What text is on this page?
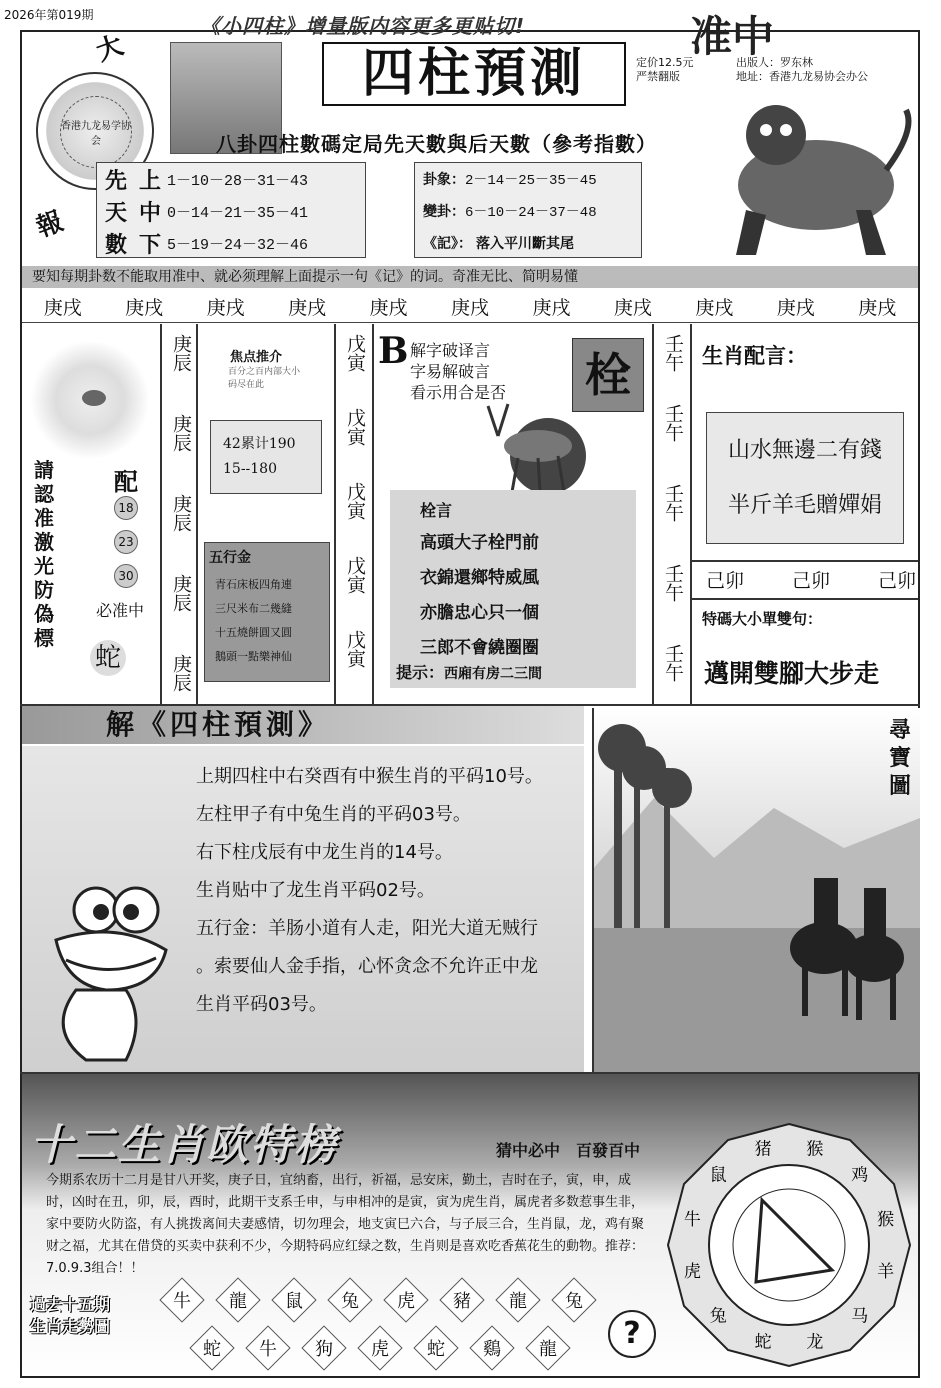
2026年第019期	《小四柱》增量版内容更多更贴切!	准中
四柱預測	定价12.5元
严禁翻版
出版人：罗东林
地址：香港九龙易协会办公
大
報
香港九龙易学协会	八卦四柱數碼定局先天數與后天數（參考指數）
先 上 1－10－28－31－43
天 中 0－14－21－35－41
數 下 5－19－24－32－46
卦象： 2－14－25－35－45
變卦： 6－10－24－37－48
《記》： 落入平川斷其尾
要知每期卦数不能取用准中、就必须理解上面提示一句《记》的词。奇准无比、简明易懂
庚戌 庚戌 庚戌 庚戌 庚戌 庚戌 庚戌 庚戌 庚戌 庚戌 庚戌
請
認
准
激
光
防
偽
標
配
18
23
30
必准中
蛇
庚辰
庚辰
庚辰
庚辰
庚辰
焦点推介
百分之百内部大小码尽在此
42累计190
15--180
五行金
青石床板四角連
三尺米布二幾縫
十五燒餅圓又圓
鵝頭一點樂神仙
戊寅
戊寅
戊寅
戊寅
戊寅
B 解字破译言
字易解破言
看示用合是否 栓
栓言
高頭大子栓門前
衣錦還鄉特威風
亦膽忠心只一個
三郎不會繞圈圈
提示：西廂有房二三間
壬午
壬午
壬午
壬午
壬午
生肖配言：
山水無邊二有錢
半斤羊毛贈嬋娟
己卯	己卯	己卯
特碼大小單雙句：
邁開雙腳大步走
解《四柱預測》

上期四柱中右癸酉有中猴生肖的平码10号。

左柱甲子有中兔生肖的平码03号。

右下柱戊辰有中龙生肖的14号。

生肖贴中了龙生肖平码02号。

五行金：羊肠小道有人走，阳光大道无贼行

。索要仙人金手指，心怀贪念不允许正中龙

生肖平码03号。

尋
寶
圖
十二生肖欧特榜	猜中必中　百發百中
今期系农历十二月是甘八开奖，庚子日，宜纳畜，出行，祈福，忌安床，勤土，吉时在子，寅，申，成时，凶时在丑，卯，辰，酉时，此期干支系壬申，与申相冲的是寅，寅为虎生肖，属虎者多数惹事生非，家中要防火防盗，有人挑拨离间夫妻感情，切勿理会，地支寅巳六合，与子辰三合，生肖鼠，龙，鸡有聚财之福，尤其在借贷的买卖中获利不少，今期特码应红绿之数，生肖则是喜欢吃香蕉花生的動物。推荐：7.0.9.3组合！！
過去十五期
生肖走勢圖
牛 龍 鼠 兔 虎 豬 龍 兔
蛇 牛 狗 虎 蛇 鷄 龍	?
鼠
猪 猴
鸡
猴
羊
马
龙
蛇
兔
虎
牛
